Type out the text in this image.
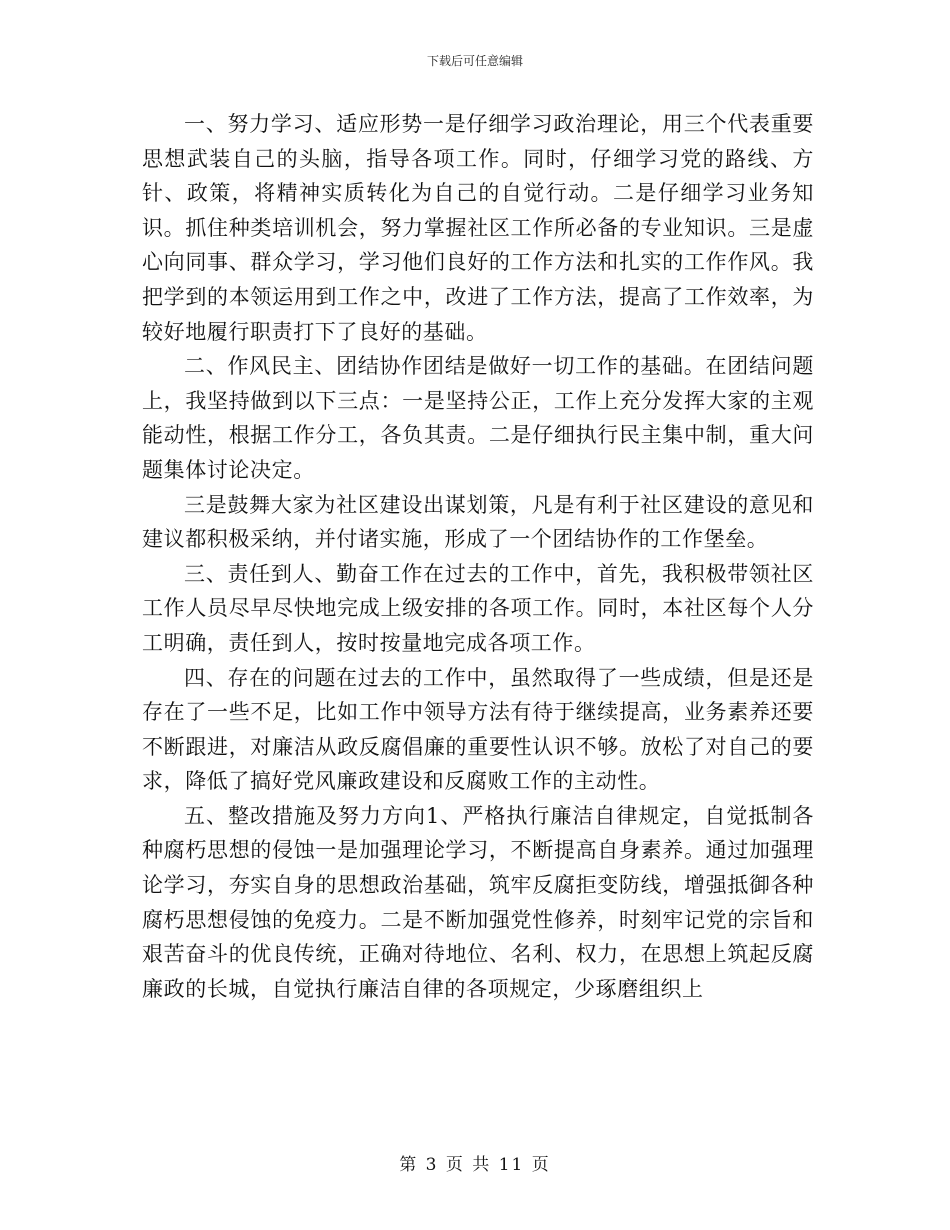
下载后可任意编辑

一、努力学习、适应形势一是仔细学习政治理论，用三个代表重要思想武装自己的头脑，指导各项工作。同时，仔细学习党的路线、方针、政策，将精神实质转化为自己的自觉行动。二是仔细学习业务知识。抓住种类培训机会，努力掌握社区工作所必备的专业知识。三是虚心向同事、群众学习，学习他们良好的工作方法和扎实的工作作风。我把学到的本领运用到工作之中，改进了工作方法，提高了工作效率，为较好地履行职责打下了良好的基础。

二、作风民主、团结协作团结是做好一切工作的基础。在团结问题上，我坚持做到以下三点：一是坚持公正，工作上充分发挥大家的主观能动性，根据工作分工，各负其责。二是仔细执行民主集中制，重大问题集体讨论决定。

三是鼓舞大家为社区建设出谋划策，凡是有利于社区建设的意见和建议都积极采纳，并付诸实施，形成了一个团结协作的工作堡垒。

三、责任到人、勤奋工作在过去的工作中，首先，我积极带领社区工作人员尽早尽快地完成上级安排的各项工作。同时，本社区每个人分工明确，责任到人，按时按量地完成各项工作。

四、存在的问题在过去的工作中，虽然取得了一些成绩，但是还是存在了一些不足，比如工作中领导方法有待于继续提高，业务素养还要不断跟进，对廉洁从政反腐倡廉的重要性认识不够。放松了对自己的要求，降低了搞好党风廉政建设和反腐败工作的主动性。

五、整改措施及努力方向1、严格执行廉洁自律规定，自觉抵制各种腐朽思想的侵蚀一是加强理论学习，不断提高自身素养。通过加强理论学习，夯实自身的思想政治基础，筑牢反腐拒变防线，增强抵御各种腐朽思想侵蚀的免疫力。二是不断加强党性修养，时刻牢记党的宗旨和艰苦奋斗的优良传统，正确对待地位、名利、权力，在思想上筑起反腐廉政的长城，自觉执行廉洁自律的各项规定，少琢磨组织上

第 3 页 共 11 页
